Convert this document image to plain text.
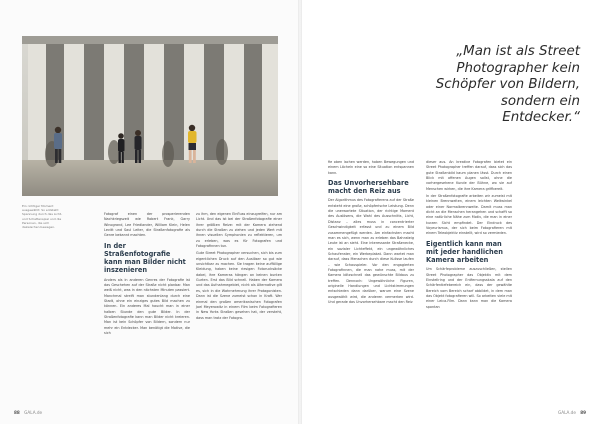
Ein richtiger Moment ausgewählt: So entsteht Spannung durch das Licht- und Schattenspiel und die Personen, die sich dazwischen bewegen.

Fotograf einen der prosperierenden Nachkriegszeit wie Robert Frank, Garry Winogrand, Lee Friedlander, William Klein, Helen Levitt und Saul Leiter, die Straßenfotografie als Genre bekannt machten.

In der Straßenfotografie kann man Bilder nicht inszenieren

Anders als in anderen Genres der Fotografie ist das Geschehen auf der Straße nicht planbar. Man weiß nicht, was in den nächsten Minuten passiert. Manchmal streift man stundenlang durch eine Stadt, ohne ein einziges gutes Bild machen zu können. Ein anderes Mal haucht man in einer halben Stunde den gute Bilder. In der Straßenfotografie kann man Bilder nicht kreieren. Man ist kein Schöpfer von Bildern, sondern nur mehr ein Entdecker. Man benötigt die Motive, die sich

zu ihm, den eigenen Einfluss einzugreifen, nur am Licht. Und das ist bei der Straßenfotografie einer ihrer größten Reize: mit der Kamera ziehend durch die Straßen zu ziehen und jeden Wert mit ihnen visuellen Symphonien zu reflektieren, um zu erleben, was es für Fotografen und Fotografinnen tun.

Gute Street Photographer versuchen, sich bis zum eigentlichen Druck auf den Auslöser so gut wie unsichtbar zu machen. Sie tragen keine auffällige Kleidung, haben keine riesigen Fotorucksäcke dabei, ihre Kameras hängen an keinen bunten Gurten. Erst das Bild schnell. Haben der Kamera und das Aufnahmegebiet, nicht als Alternative gilt es, sich in die Wahrnehmung ihrer Protagonisten. Dann ist die Szene zumeist schon in Kraft. Wer einmal den großen amerikanischen Fotografen Joel Meyerowitz in einem Film beim Fotografieren in New Yorks Straßen gesehen hat, der versteht, dass man trotz der Fotogra-

fie oben lachen werden, hoben Bewegungen und einem Lächeln eine so eine Situation entspannen kann.

Das Unvorhersehbare macht den Reiz aus

Der Algorithmus des Fotografierens auf der Straße entsteht eine große, schöpferische Leistung. Denn die unerwartete Situation, der richtige Moment des Auslösens, die Wahl des Ausschnitts, Licht, Distanz – alles muss in concentrierter Geschwindigkeit erfasst und zu einem Bild zusammengefügt werden. Am einfachsten macht man es sich, wenn man zu erleben das Bahnsteig Leute ist an sieht. Eine interessante Straßenecke, ein sozialer Lichteffekt, ein ungewöhnliches Schaufenster, ein Werbeplakat. Dann wartet man darauf, dass Menschen durch diese Kulisse laufen – wie Schauspieler. Vor den engagierten Fotografinnen, die man nahe muss, mit der Kamera blitzschnell das gewünschte Bildaus zu treffen. Dennoch: Ungewöhnliche Figuren, originelle Handlungen und Lichtstimmungen entschieden dann darüber, warum eine Szene ausgewählt wird, die anderen vermerken wird. Und gerade das Unvorhersehbare macht den Reiz

dieser aus. An kreative Fotografen bietet ein Street Photographer treffen darauf, dass sich das gute Straßenbild kaum planen lässt. Durch einen Blick mit offenen Augen sollst, ohne die vorhergesehene Kunde der Bühne, wo sie auf Menschen wirken, die ihre Kamera griffbereit.

In der Straßenfotografie arbeiten wir zumeist mit kleinen Brennweiten, einem leichten Weitwinkel oder einer Normalbrennweite. Damit muss man dicht an die Menschen herangehen und schafft so eine natürliche Nähe zum Motiv, die man in einer kurzen Sicht empfindet. Der Eindruck des Voyeurismus, der sich beim Fotografieren mit einem Teleobjektiv einstellt, wird so vermieden.

Eigentlich kann man mit jeder handlichen Kamera arbeiten

Um Schärfeprobleme auszuschließen, stellen Street Photographer das Objektiv mit dem Einstellring und der Entfernungsskala auf den Schärfentiefebereich ein, dass der gewählte Bereich vom Bereich scharf abbildet, in dem man das Objekt fotografieren will. So arbeiten viele mit einer Leica-Film. Dann kann man die Kamera spontan

„Man ist als Street Photographer kein Schöpfer von Bildern, sondern ein Entdecker.“
88 GALA.de	GALA.de 89
